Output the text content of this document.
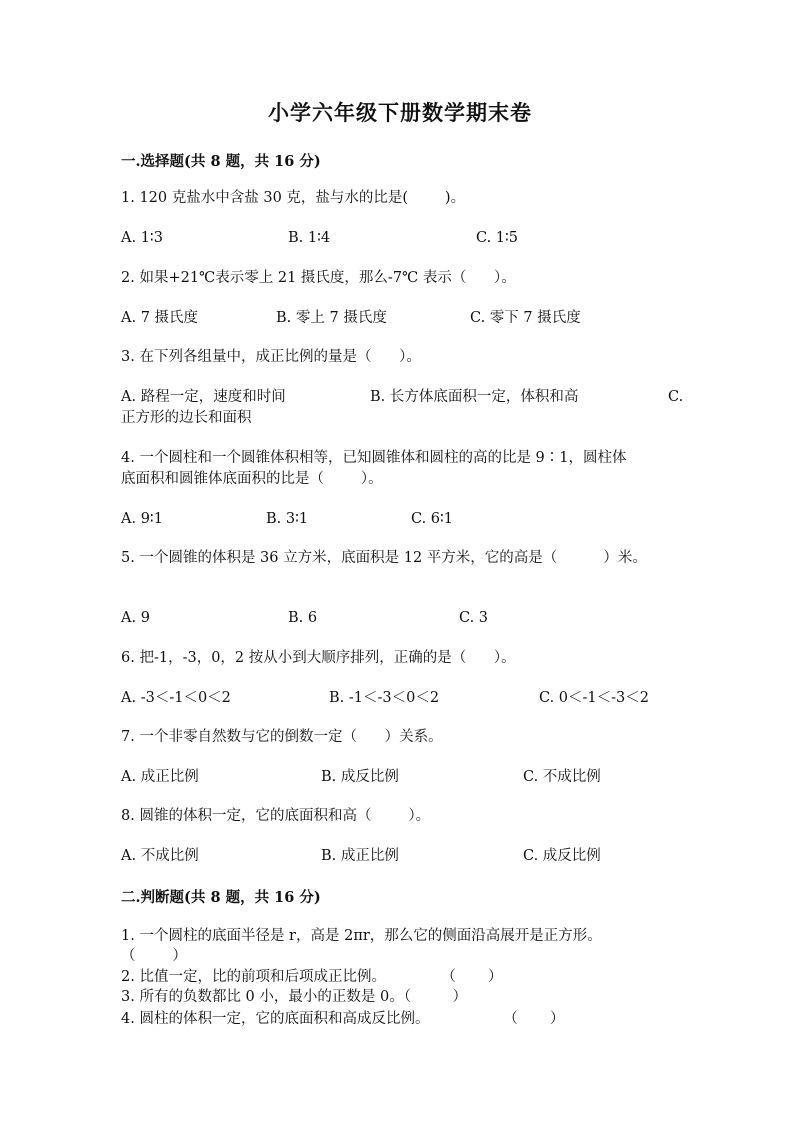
小学六年级下册数学期末卷
一.选择题(共 8 题，共 16 分)
1. 120 克盐水中含盐 30 克，盐与水的比是(        )。
A. 1∶3	B. 1∶4	C. 1∶5
2. 如果+21℃表示零上 21 摄氏度，那么-7℃ 表示（      ）。
A. 7 摄氏度	B. 零上 7 摄氏度	C. 零下 7 摄氏度
3. 在下列各组量中，成正比例的量是（      ）。
A. 路程一定，速度和时间	B. 长方体底面积一定，体积和高	C.
正方形的边长和面积
4. 一个圆柱和一个圆锥体积相等，已知圆锥体和圆柱的高的比是 9∶1，圆柱体
底面积和圆锥体底面积的比是（        ）。
A. 9∶1	B. 3∶1	C. 6∶1
5. 一个圆锥的体积是 36 立方米，底面积是 12 平方米，它的高是（          ）米。
A. 9	B. 6	C. 3
6. 把-1，-3，0，2 按从小到大顺序排列，正确的是（      ）。
A. -3＜-1＜0＜2	B. -1＜-3＜0＜2	C. 0＜-1＜-3＜2
7. 一个非零自然数与它的倒数一定（      ）关系。
A. 成正比例	B. 成反比例	C. 不成比例
8. 圆锥的体积一定，它的底面积和高（        ）。
A. 不成比例	B. 成正比例	C. 成反比例
二.判断题(共 8 题，共 16 分)
1. 一个圆柱的底面半径是 r，高是 2πr，那么它的侧面沿高展开是正方形。
（        ）
2. 比值一定，比的前项和后项成正比例。            （       ）
3. 所有的负数都比 0 小，最小的正数是 0。（         ）
4. 圆柱的体积一定，它的底面积和高成反比例。                （       ）
